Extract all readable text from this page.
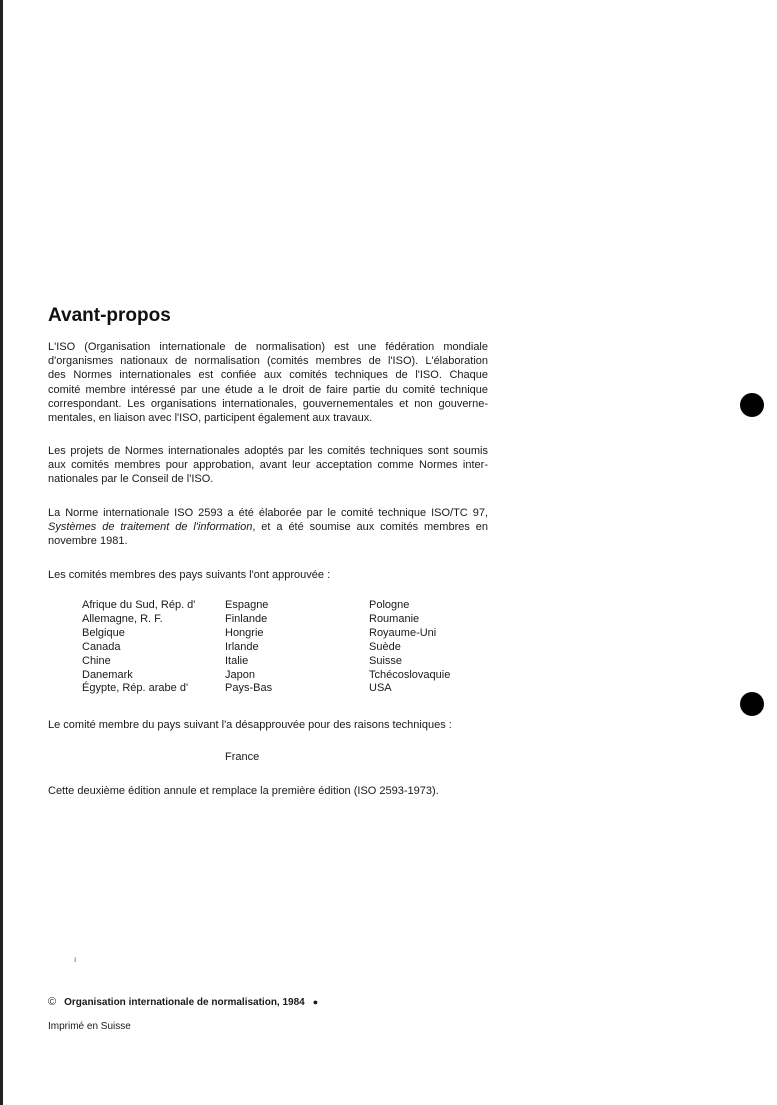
Avant-propos
L'ISO (Organisation internationale de normalisation) est une fédération mondiale
d'organismes nationaux de normalisation (comités membres de l'ISO). L'élaboration
des Normes internationales est confiée aux comités techniques de l'ISO. Chaque
comité membre intéressé par une étude a le droit de faire partie du comité technique
correspondant. Les organisations internationales, gouvernementales et non gouverne-
mentales, en liaison avec l'ISO, participent également aux travaux.
Les projets de Normes internationales adoptés par les comités techniques sont soumis
aux comités membres pour approbation, avant leur acceptation comme Normes inter-
nationales par le Conseil de l'ISO.
La Norme internationale ISO 2593 a été élaborée par le comité technique ISO/TC 97,
Systèmes de traitement de l'information, et a été soumise aux comités membres en
novembre 1981.
Les comités membres des pays suivants l'ont approuvée :
Afrique du Sud, Rép. d'
Allemagne, R. F.
Belgique
Canada
Chine
Danemark
Égypte, Rép. arabe d'
Espagne
Finlande
Hongrie
Irlande
Italie
Japon
Pays-Bas
Pologne
Roumanie
Royaume-Uni
Suède
Suisse
Tchécoslovaquie
USA
Le comité membre du pays suivant l'a désapprouvée pour des raisons techniques :
France
Cette deuxième édition annule et remplace la première édition (ISO 2593-1973).
ı
© Organisation internationale de normalisation, 1984 ●
Imprimé en Suisse
